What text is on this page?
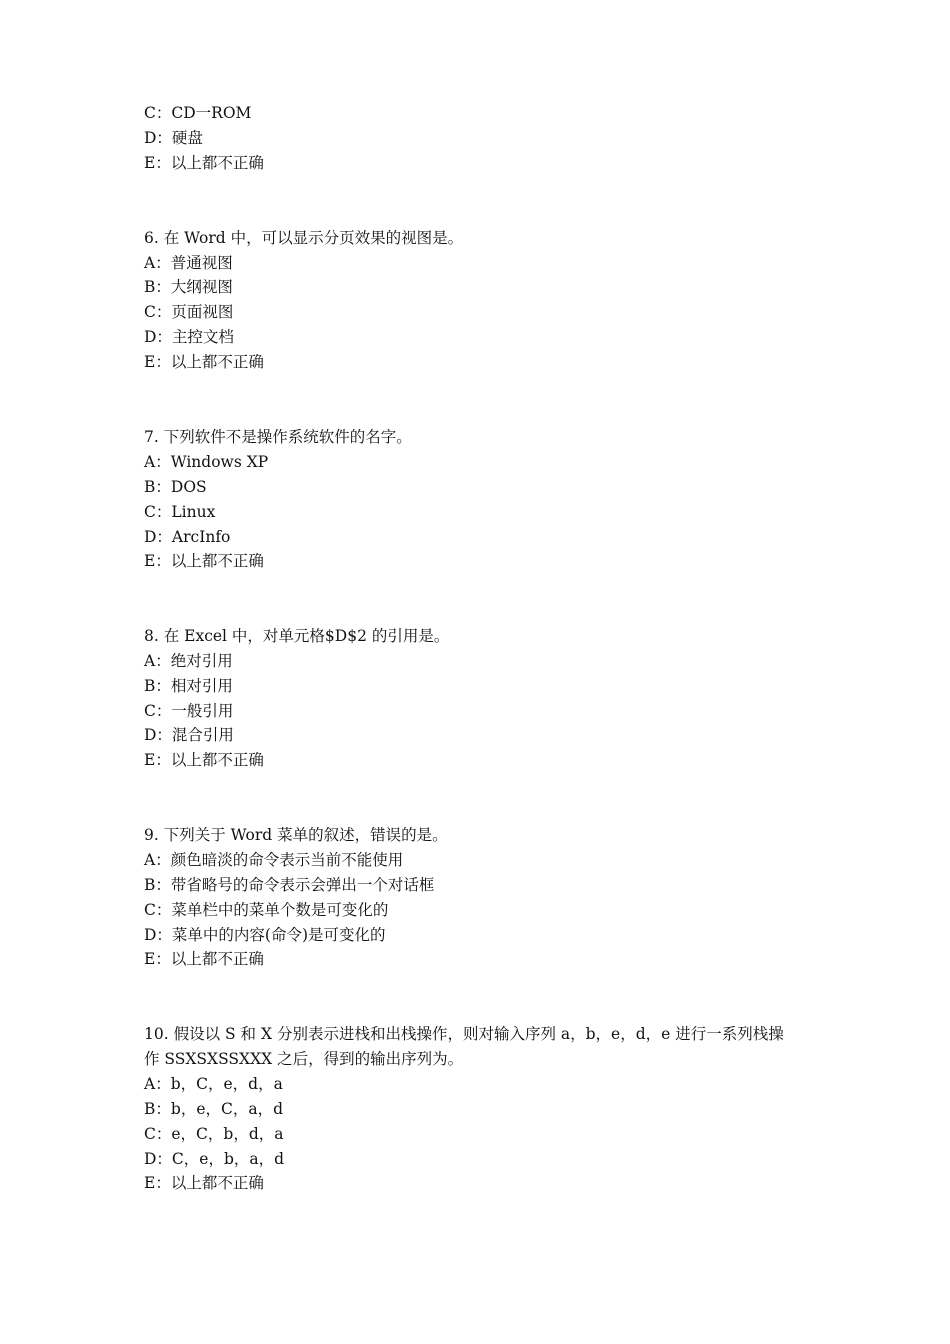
C：CD一ROM
D：硬盘
E：以上都不正确
6. 在 Word 中，可以显示分页效果的视图是。
A：普通视图
B：大纲视图
C：页面视图
D：主控文档
E：以上都不正确
7. 下列软件不是操作系统软件的名字。
A：Windows XP
B：DOS
C：Linux
D：ArcInfo
E：以上都不正确
8. 在 Excel 中，对单元格$D$2 的引用是。
A：绝对引用
B：相对引用
C：一般引用
D：混合引用
E：以上都不正确
9. 下列关于 Word 菜单的叙述，错误的是。
A：颜色暗淡的命令表示当前不能使用
B：带省略号的命令表示会弹出一个对话框
C：菜单栏中的菜单个数是可变化的
D：菜单中的内容(命令)是可变化的
E：以上都不正确
10. 假设以 S 和 X 分别表示进栈和出栈操作，则对输入序列 a，b，e，d，e 进行一系列栈操
作 SSXSXSSXXX 之后，得到的输出序列为。
A：b，C，e，d，a
B：b，e，C，a，d
C：e，C，b，d，a
D：C，e，b，a，d
E：以上都不正确
